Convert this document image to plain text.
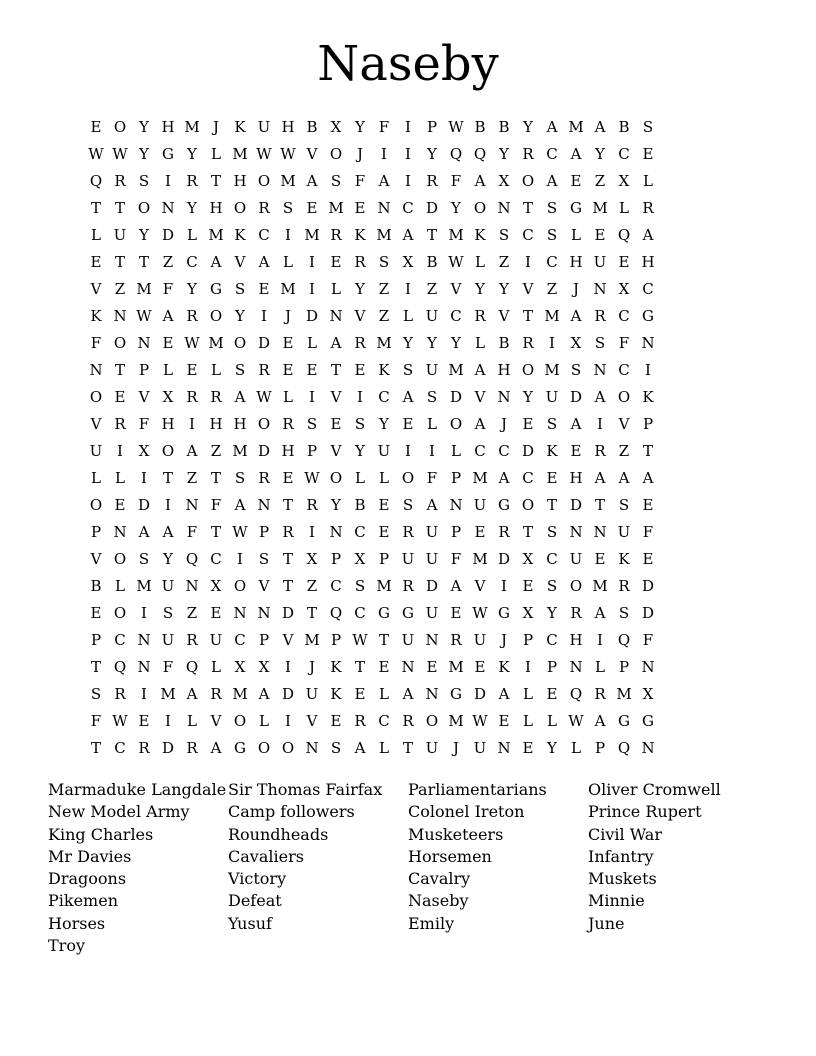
Naseby
E O Y H M J	K U H B X Y F	I	P W B B Y A M A B S
W W Y G Y L M W W V O J	I	I	Y Q Q Y R C A Y C E
Q R S	I	R T H O M A S F A	I	R F A X O A E Z X L
T T O N Y H O R S E M E N C D Y O N T S G M L R
L U Y D L M K C	I M R K M A T M K S C S L E Q A
E T T Z C A V A L	I	E R S X B W L Z	I	C H U E H
V Z M F Y G S E M I	L Y Z	I	Z V Y Y V Z	J N X C
K N W A R O Y	I	J D N V Z L U C R V T M A R C G
F O N E W M O D E L A R M Y Y Y L B R	I	X S F N
N T P L E L S R E E T E K S U M A H O M S N C	I
O E V X R R A W L	I	V	I	C A S D V N Y U D A O K
V R F H I H H O R S E S Y E L O A	J	E S A	I	V P
U I	X O A Z M D H P V Y U I	I	L C C D K E R Z T
L L	I	T Z T S R E W O L L O F P M A C E H A A A
O E D	I N F A N T R Y B E S A N U G O T D T S E
P N A A F T W P R	I N C E R U P E R T S N N U F
V O S Y Q C	I	S T X P X P U U F M D X C U E K E
B L M U N X O V T Z C S M R D A V	I	E S O M R D
E O I	S Z E N N D T Q C G G U E W G X Y R A S D
P C N U R U C P V M P W T U N R U J	P C H I Q F
T Q N F Q L X X	I	J	K T E N E M E K	I	P N L P N
S R	I M A R M A D U K E L A N G D A L E Q R M X
F W E	I	L V O L	I	V E R C R O M W E L L W A G G
T C R D R A G O O N S A L T U J U N E Y L P Q N
Marmaduke Langdale
New Model Army
King Charles
Mr Davies
Dragoons
Pikemen
Horses
Troy
Sir Thomas Fairfax
Camp followers
Roundheads
Cavaliers
Victory
Defeat
Yusuf
Parliamentarians
Colonel Ireton
Musketeers
Horsemen
Cavalry
Naseby
Emily
Oliver Cromwell
Prince Rupert
Civil War
Infantry
Muskets
Minnie
June
